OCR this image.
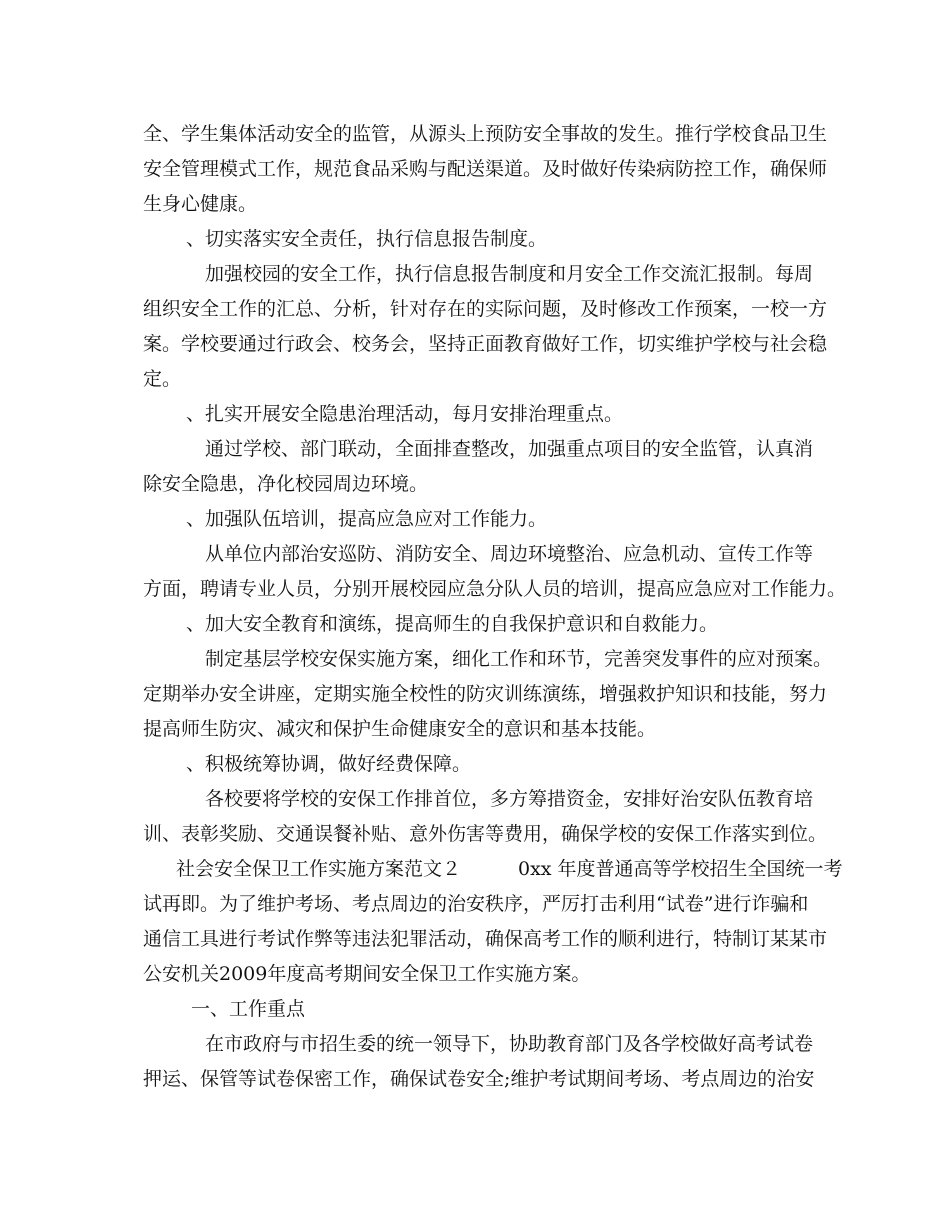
全、学生集体活动安全的监管，从源头上预防安全事故的发生。推行学校食品卫生
安全管理模式工作，规范食品采购与配送渠道。及时做好传染病防控工作，确保师
生身心健康。
、切实落实安全责任，执行信息报告制度。
加强校园的安全工作，执行信息报告制度和月安全工作交流汇报制。每周
组织安全工作的汇总、分析，针对存在的实际问题，及时修改工作预案，一校一方
案。学校要通过行政会、校务会，坚持正面教育做好工作，切实维护学校与社会稳
定。
、扎实开展安全隐患治理活动，每月安排治理重点。
通过学校、部门联动，全面排查整改，加强重点项目的安全监管，认真消
除安全隐患，净化校园周边环境。
、加强队伍培训，提高应急应对工作能力。
从单位内部治安巡防、消防安全、周边环境整治、应急机动、宣传工作等
方面，聘请专业人员，分别开展校园应急分队人员的培训，提高应急应对工作能力。
、加大安全教育和演练，提高师生的自我保护意识和自救能力。
制定基层学校安保实施方案，细化工作和环节，完善突发事件的应对预案。
定期举办安全讲座，定期实施全校性的防灾训练演练，增强救护知识和技能，努力
提高师生防灾、减灾和保护生命健康安全的意识和基本技能。
、积极统筹协调，做好经费保障。
各校要将学校的安保工作排首位，多方筹措资金，安排好治安队伍教育培
训、表彰奖励、交通误餐补贴、意外伤害等费用，确保学校的安保工作落实到位。
社会安全保卫工作实施方案范文２　　　0xx 年度普通高等学校招生全国统一考
试再即。为了维护考场、考点周边的治安秩序，严厉打击利用“试卷”进行诈骗和
通信工具进行考试作弊等违法犯罪活动，确保高考工作的顺利进行，特制订某某市
公安机关2009年度高考期间安全保卫工作实施方案。
一、工作重点
在市政府与市招生委的统一领导下，协助教育部门及各学校做好高考试卷
押运、保管等试卷保密工作，确保试卷安全;维护考试期间考场、考点周边的治安
